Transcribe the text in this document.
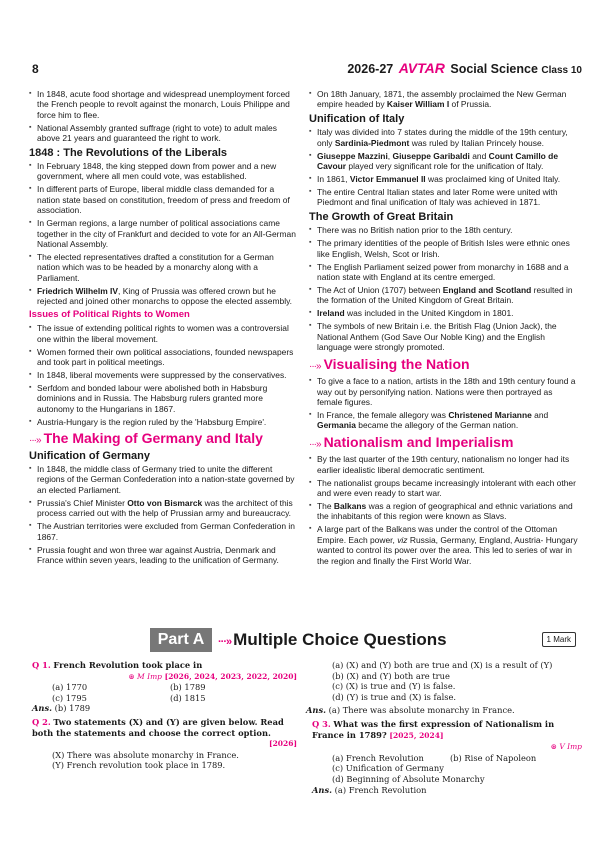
8	2026-27 AVTAR Social Science Class 10
▪ In 1848, acute food shortage and widespread unemployment forced the French people to revolt against the monarch, Louis Philippe and force him to flee.
▪ National Assembly granted suffrage (right to vote) to adult males above 21 years and guaranteed the right to work.
1848 : The Revolutions of the Liberals
▪ In February 1848, the king stepped down from power and a new government, where all men could vote, was established.
▪ In different parts of Europe, liberal middle class demanded for a nation state based on constitution, freedom of press and freedom of association.
▪ In German regions, a large number of political associations came together in the city of Frankfurt and decided to vote for an All-German National Assembly.
▪ The elected representatives drafted a constitution for a German nation which was to be headed by a monarchy along with a Parliament.
▪ Friedrich Wilhelm IV, King of Prussia was offered crown but he rejected and joined other monarchs to oppose the elected assembly.
Issues of Political Rights to Women
▪ The issue of extending political rights to women was a controversial one within the liberal movement.
▪ Women formed their own political associations, founded newspapers and took part in political meetings.
▪ In 1848, liberal movements were suppressed by the conservatives.
▪ Serfdom and bonded labour were abolished both in Habsburg dominions and in Russia. The Habsburg rulers granted more autonomy to the Hungarians in 1867.
▪ Austria-Hungary is the region ruled by the 'Habsburg Empire'.
···» The Making of Germany and Italy
Unification of Germany
▪ In 1848, the middle class of Germany tried to unite the different regions of the German Confederation into a nation-state governed by an elected Parliament.
▪ Prussia's Chief Minister Otto von Bismarck was the architect of this process carried out with the help of Prussian army and bureaucracy.
▪ The Austrian territories were excluded from German Confederation in 1867.
▪ Prussia fought and won three war against Austria, Denmark and France within seven years, leading to the unification of Germany.
▪ On 18th January, 1871, the assembly proclaimed the New German empire headed by Kaiser William I of Prussia.
Unification of Italy
▪ Italy was divided into 7 states during the middle of the 19th century, only Sardinia-Piedmont was ruled by Italian Princely house.
▪ Giuseppe Mazzini, Giuseppe Garibaldi and Count Camillo de Cavour played very significant role for the unification of Italy.
▪ In 1861, Victor Emmanuel II was proclaimed king of United Italy.
▪ The entire Central Italian states and later Rome were united with Piedmont and final unification of Italy was achieved in 1871.
The Growth of Great Britain
▪ There was no British nation prior to the 18th century.
▪ The primary identities of the people of British Isles were ethnic ones like English, Welsh, Scot or Irish.
▪ The English Parliament seized power from monarchy in 1688 and a nation state with England at its centre emerged.
▪ The Act of Union (1707) between England and Scotland resulted in the formation of the United Kingdom of Great Britain.
▪ Ireland was included in the United Kingdom in 1801.
▪ The symbols of new Britain i.e. the British Flag (Union Jack), the National Anthem (God Save Our Noble King) and the English language were strongly promoted.
···» Visualising the Nation
▪ To give a face to a nation, artists in the 18th and 19th century found a way out by personifying nation. Nations were then portrayed as female figures.
▪ In France, the female allegory was Christened Marianne and Germania became the allegory of the German nation.
···» Nationalism and Imperialism
▪ By the last quarter of the 19th century, nationalism no longer had its earlier idealistic liberal democratic sentiment.
▪ The nationalist groups became increasingly intolerant with each other and were even ready to start war.
▪ The Balkans was a region of geographical and ethnic variations and the inhabitants of this region were known as Slavs.
▪ A large part of the Balkans was under the control of the Ottoman Empire. Each power, viz Russia, Germany, England, Austria- Hungary wanted to control its power over the area. This led to series of war in the region and finally the First World War.
Part A	···» Multiple Choice Questions	1 Mark
Q 1. French Revolution took place in
⊛ M Imp [2026, 2024, 2023, 2022, 2020]
(a) 1770	(b) 1789
(c) 1795	(d) 1815
Ans. (b) 1789
Q 2. Two statements (X) and (Y) are given below. Read both the statements and choose the correct option.
[2026]
(X) There was absolute monarchy in France.
(Y) French revolution took place in 1789.
(a) (X) and (Y) both are true and (X) is a result of (Y)
(b) (X) and (Y) both are true
(c) (X) is true and (Y) is false.
(d) (Y) is true and (X) is false.
Ans. (a) There was absolute monarchy in France.
Q 3. What was the first expression of Nationalism in France in 1789? [2025, 2024]
⊛ V Imp
(a) French Revolution	(b) Rise of Napoleon
(c) Unification of Germany
(d) Beginning of Absolute Monarchy
Ans. (a) French Revolution
